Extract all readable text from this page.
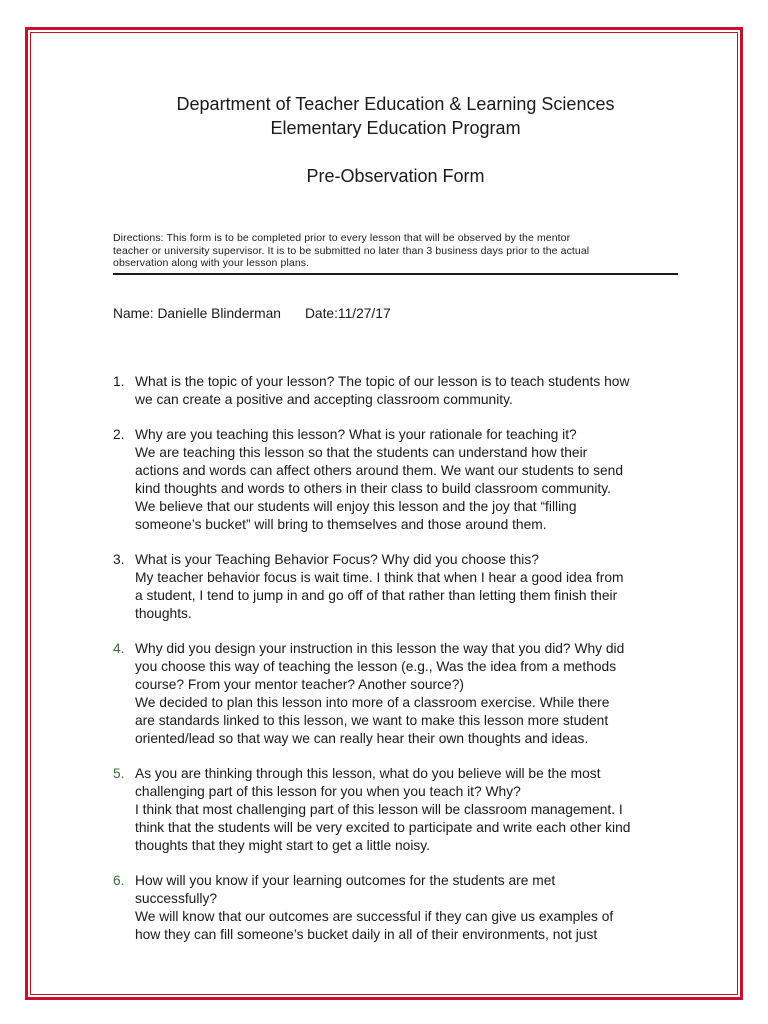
Department of Teacher Education & Learning Sciences

Elementary Education Program

Pre-Observation Form

Directions: This form is to be completed prior to every lesson that will be observed by the mentor
teacher or university supervisor. It is to be submitted no later than 3 business days prior to the actual
observation along with your lesson plans.
Name: Danielle Blinderman Date:11/27/17
1. What is the topic of your lesson? The topic of our lesson is to teach students how
we can create a positive and accepting classroom community.
2. Why are you teaching this lesson? What is your rationale for teaching it?
We are teaching this lesson so that the students can understand how their
actions and words can affect others around them. We want our students to send
kind thoughts and words to others in their class to build classroom community.
We believe that our students will enjoy this lesson and the joy that “filling
someone’s bucket” will bring to themselves and those around them.
3. What is your Teaching Behavior Focus? Why did you choose this?
My teacher behavior focus is wait time. I think that when I hear a good idea from
a student, I tend to jump in and go off of that rather than letting them finish their
thoughts.
4. Why did you design your instruction in this lesson the way that you did? Why did
you choose this way of teaching the lesson (e.g., Was the idea from a methods
course? From your mentor teacher? Another source?)
We decided to plan this lesson into more of a classroom exercise. While there
are standards linked to this lesson, we want to make this lesson more student
oriented/lead so that way we can really hear their own thoughts and ideas.
5. As you are thinking through this lesson, what do you believe will be the most
challenging part of this lesson for you when you teach it? Why?
I think that most challenging part of this lesson will be classroom management. I
think that the students will be very excited to participate and write each other kind
thoughts that they might start to get a little noisy.
6. How will you know if your learning outcomes for the students are met
successfully?
We will know that our outcomes are successful if they can give us examples of
how they can fill someone’s bucket daily in all of their environments, not just
